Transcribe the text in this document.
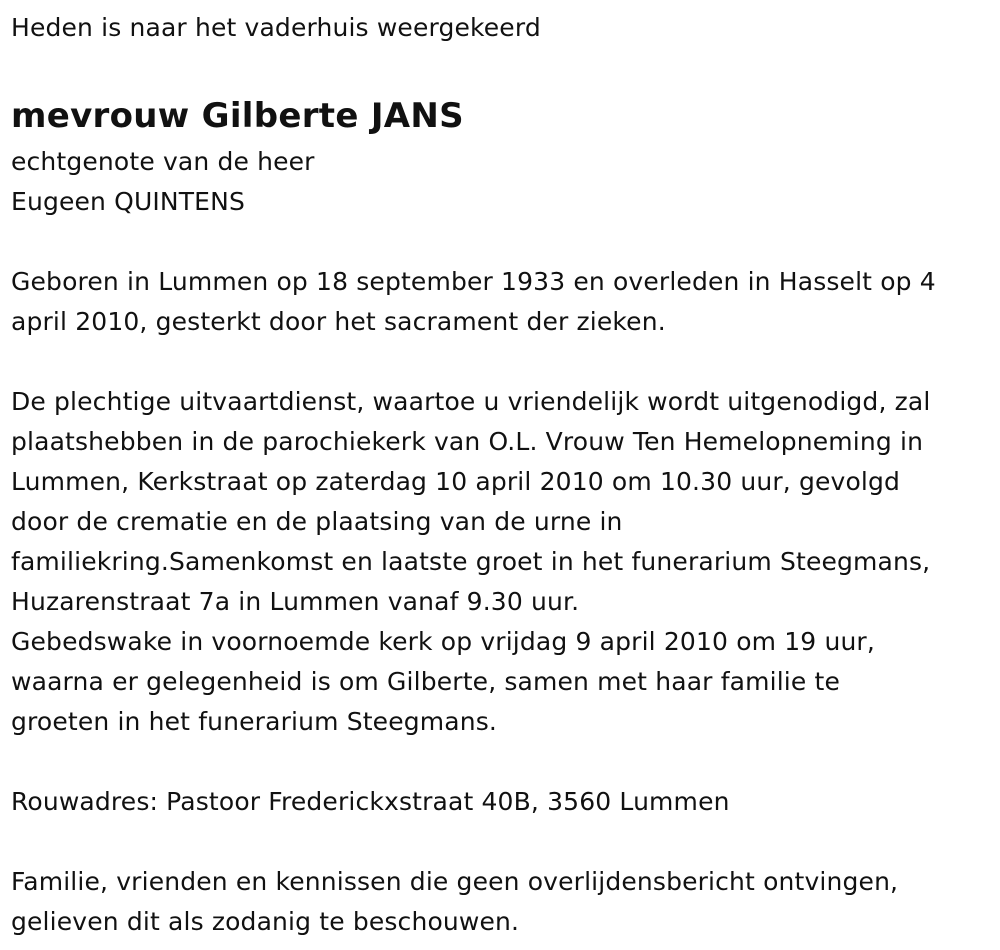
Heden is naar het vaderhuis weergekeerd
mevrouw Gilberte JANS
echtgenote van de heer
Eugeen QUINTENS
Geboren in Lummen op 18 september 1933 en overleden in Hasselt op 4
april 2010, gesterkt door het sacrament der zieken.
De plechtige uitvaartdienst, waartoe u vriendelijk wordt uitgenodigd, zal
plaatshebben in de parochiekerk van O.L. Vrouw Ten Hemelopneming in
Lummen, Kerkstraat op zaterdag 10 april 2010 om 10.30 uur, gevolgd
door de crematie en de plaatsing van de urne in
familiekring.Samenkomst en laatste groet in het funerarium Steegmans,
Huzarenstraat 7a in Lummen vanaf 9.30 uur.
Gebedswake in voornoemde kerk op vrijdag 9 april 2010 om 19 uur,
waarna er gelegenheid is om Gilberte, samen met haar familie te
groeten in het funerarium Steegmans.
Rouwadres: Pastoor Frederickxstraat 40B, 3560 Lummen
Familie, vrienden en kennissen die geen overlijdensbericht ontvingen,
gelieven dit als zodanig te beschouwen.
